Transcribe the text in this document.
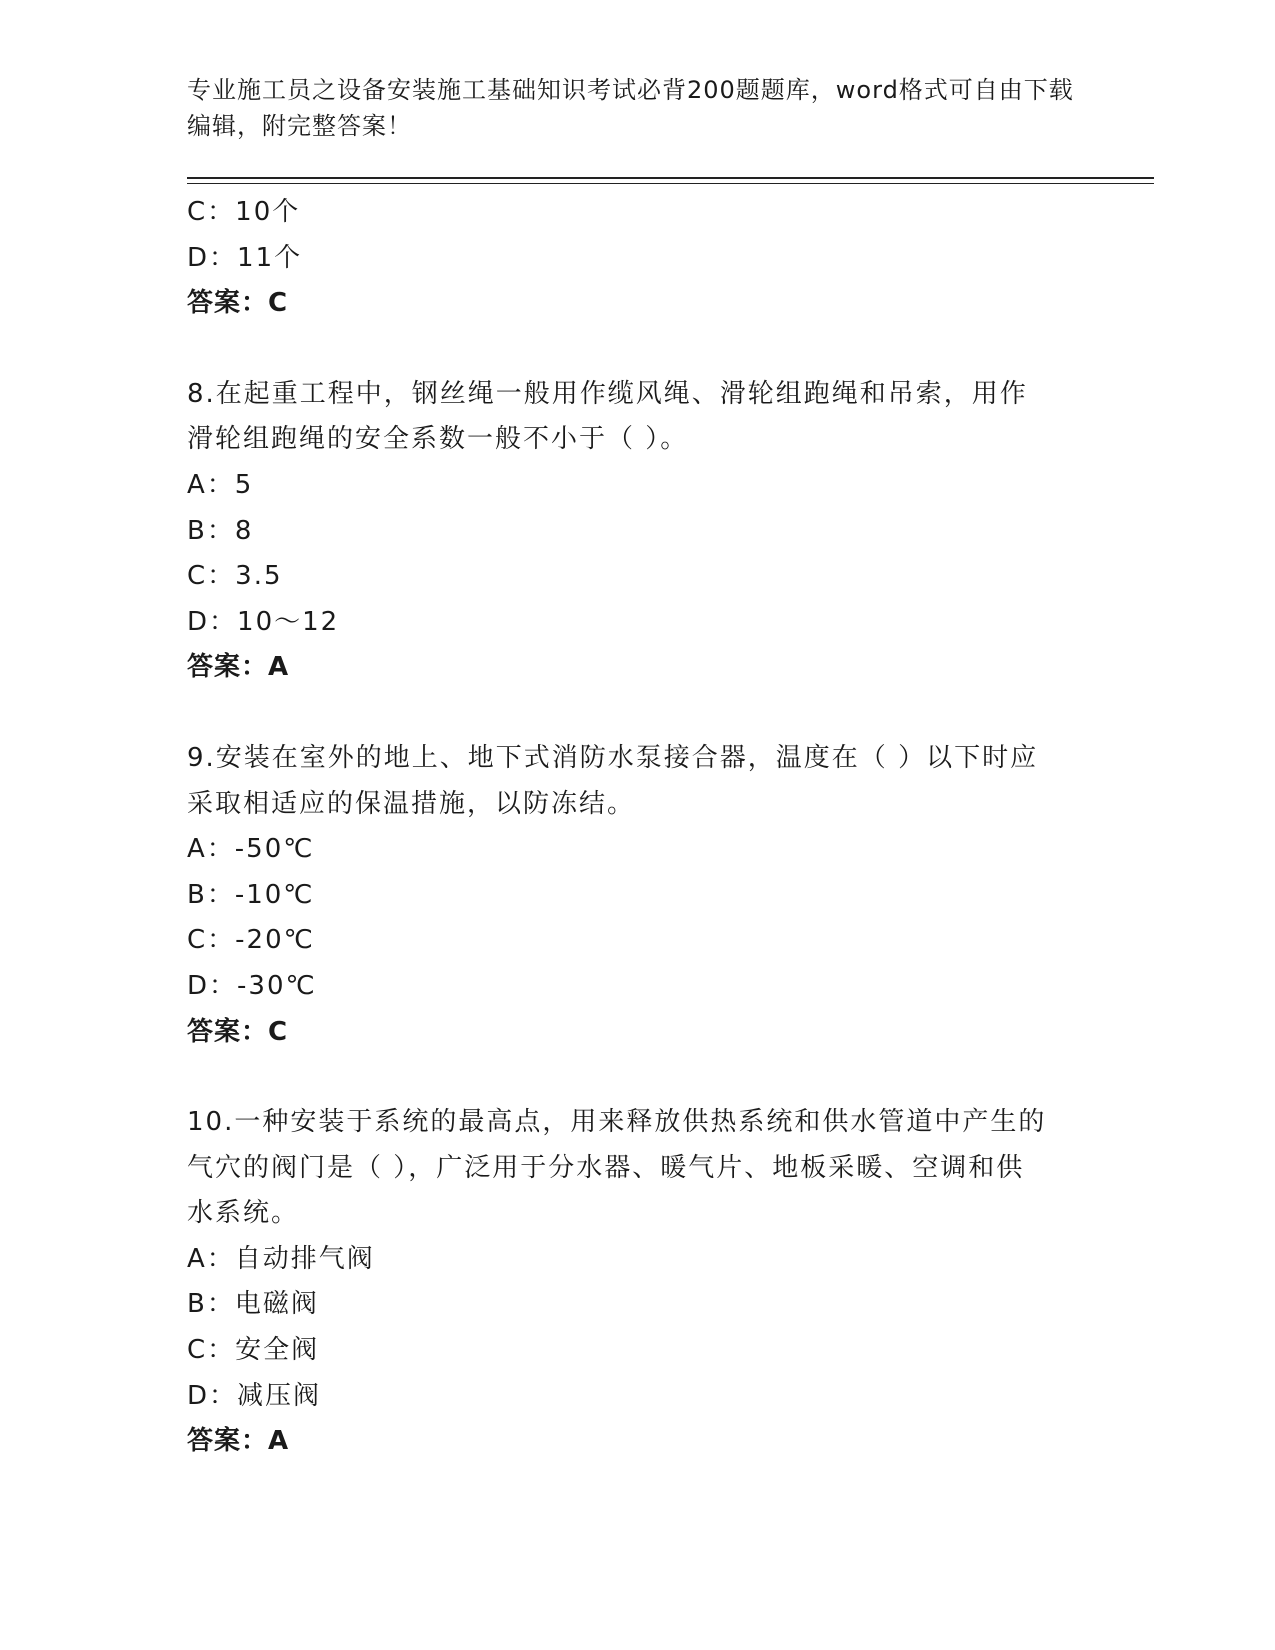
专业施工员之设备安装施工基础知识考试必背200题题库，word格式可自由下载
编辑，附完整答案！
C：10个
D：11个
答案：C
8.在起重工程中，钢丝绳一般用作缆风绳、滑轮组跑绳和吊索，用作
滑轮组跑绳的安全系数一般不小于（ ）。
A：5
B：8
C：3.5
D：10～12
答案：A
9.安装在室外的地上、地下式消防水泵接合器，温度在（ ）以下时应
采取相适应的保温措施，以防冻结。
A：-50℃
B：-10℃
C：-20℃
D：-30℃
答案：C
10.一种安装于系统的最高点，用来释放供热系统和供水管道中产生的
气穴的阀门是（ ），广泛用于分水器、暖气片、地板采暖、空调和供
水系统。
A：自动排气阀
B：电磁阀
C：安全阀
D：减压阀
答案：A
